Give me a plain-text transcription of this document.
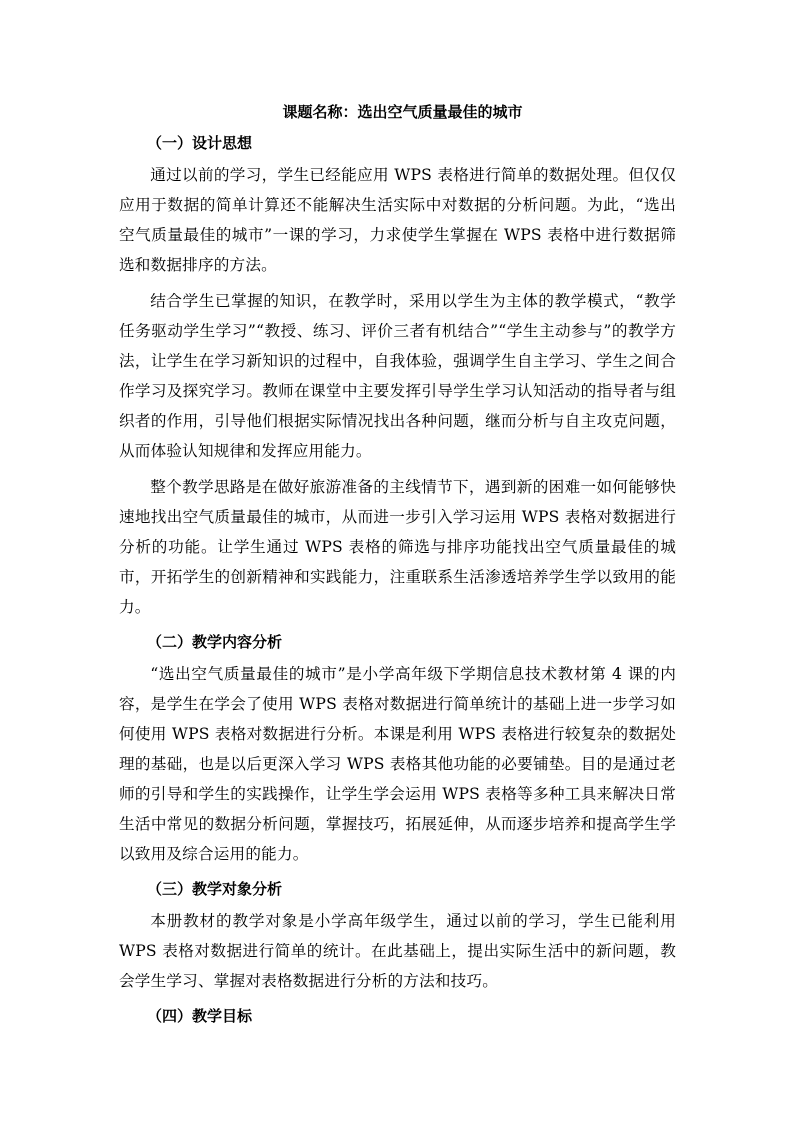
课题名称：选出空气质量最佳的城市
（一）设计思想

通过以前的学习，学生已经能应用 WPS 表格进行简单的数据处理。但仅仅应用于数据的简单计算还不能解决生活实际中对数据的分析问题。为此，“选出空气质量最佳的城市”一课的学习，力求使学生掌握在 WPS 表格中进行数据筛选和数据排序的方法。

结合学生已掌握的知识，在教学时，采用以学生为主体的教学模式，“教学任务驱动学生学习”“教授、练习、评价三者有机结合”“学生主动参与”的教学方法，让学生在学习新知识的过程中，自我体验，强调学生自主学习、学生之间合作学习及探究学习。教师在课堂中主要发挥引导学生学习认知活动的指导者与组织者的作用，引导他们根据实际情况找出各种问题，继而分析与自主攻克问题，从而体验认知规律和发挥应用能力。

整个教学思路是在做好旅游准备的主线情节下，遇到新的困难一如何能够快速地找出空气质量最佳的城市，从而进一步引入学习运用 WPS 表格对数据进行分析的功能。让学生通过 WPS 表格的筛选与排序功能找出空气质量最佳的城市，开拓学生的创新精神和实践能力，注重联系生活渗透培养学生学以致用的能力。

（二）教学内容分析

“选出空气质量最佳的城市”是小学高年级下学期信息技术教材第 4 课的内容，是学生在学会了使用 WPS 表格对数据进行简单统计的基础上进一步学习如何使用 WPS 表格对数据进行分析。本课是利用 WPS 表格进行较复杂的数据处理的基础，也是以后更深入学习 WPS 表格其他功能的必要铺垫。目的是通过老师的引导和学生的实践操作，让学生学会运用 WPS 表格等多种工具来解决日常生活中常见的数据分析问题，掌握技巧，拓展延伸，从而逐步培养和提高学生学以致用及综合运用的能力。

（三）教学对象分析

本册教材的教学对象是小学高年级学生，通过以前的学习，学生已能利用 WPS 表格对数据进行简单的统计。在此基础上，提出实际生活中的新问题，教会学生学习、掌握对表格数据进行分析的方法和技巧。

（四）教学目标
